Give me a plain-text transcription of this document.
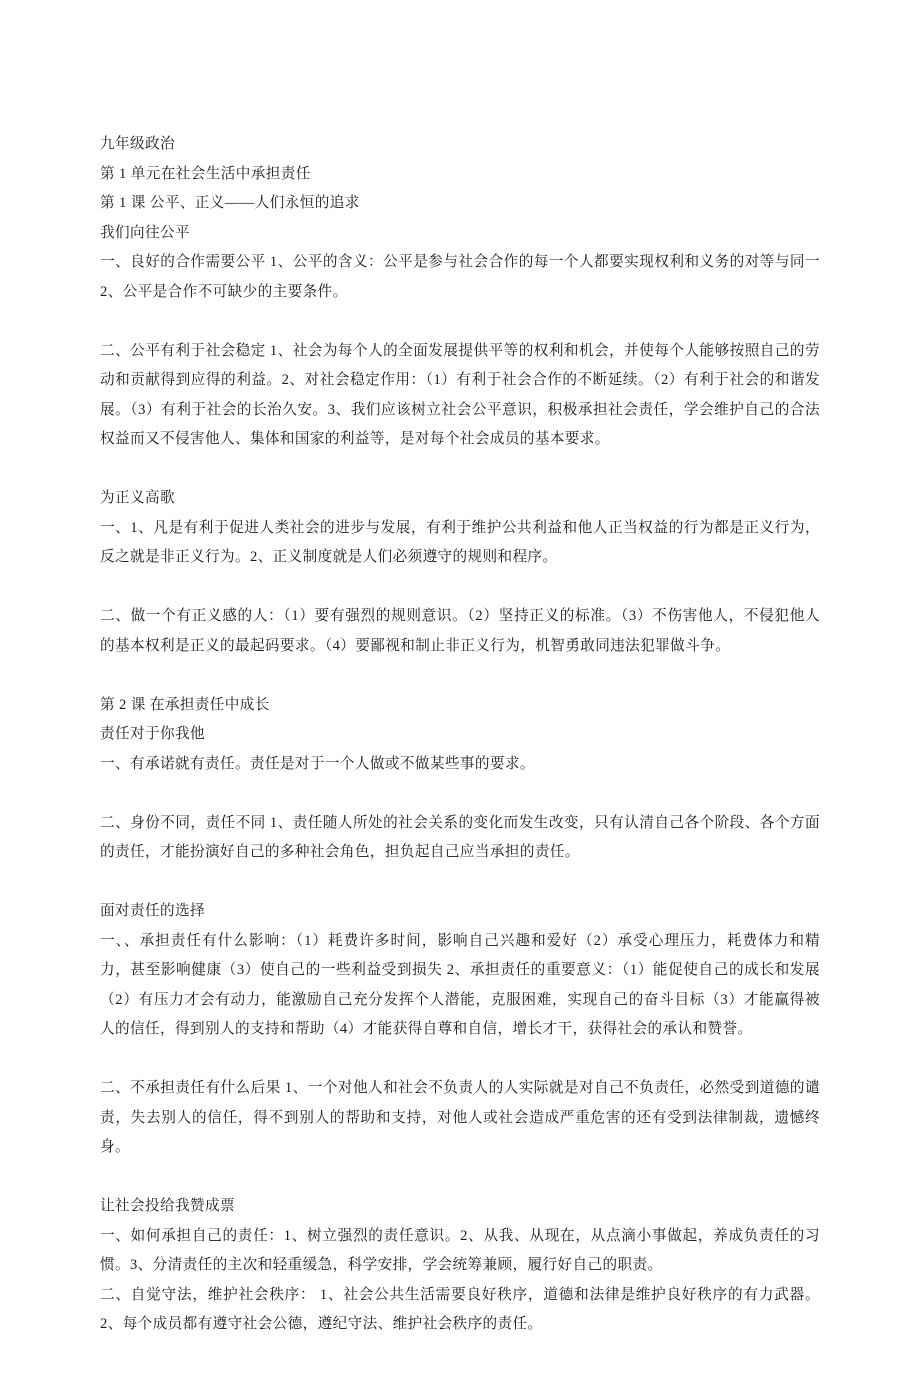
九年级政治
第 1 单元在社会生活中承担责任
第 1 课 公平、正义——人们永恒的追求
我们向往公平
一、良好的合作需要公平 1、公平的含义：公平是参与社会合作的每一个人都要实现权利和义务的对等与同一 2、公平是合作不可缺少的主要条件。
二、公平有利于社会稳定 1、社会为每个人的全面发展提供平等的权利和机会，并使每个人能够按照自己的劳动和贡献得到应得的利益。2、对社会稳定作用：（1）有利于社会合作的不断延续。（2）有利于社会的和谐发展。（3）有利于社会的长治久安。3、我们应该树立社会公平意识，积极承担社会责任，学会维护自己的合法权益而又不侵害他人、集体和国家的利益等，是对每个社会成员的基本要求。
为正义高歌
一、1、凡是有利于促进人类社会的进步与发展，有利于维护公共利益和他人正当权益的行为都是正义行为，反之就是非正义行为。2、正义制度就是人们必须遵守的规则和程序。
二、做一个有正义感的人：（1）要有强烈的规则意识。（2）坚持正义的标准。（3）不伤害他人，不侵犯他人的基本权利是正义的最起码要求。（4）要鄙视和制止非正义行为，机智勇敢同违法犯罪做斗争。
第 2 课 在承担责任中成长
责任对于你我他
一、有承诺就有责任。责任是对于一个人做或不做某些事的要求。
二、身份不同，责任不同 1、责任随人所处的社会关系的变化而发生改变，只有认清自己各个阶段、各个方面的责任，才能扮演好自己的多种社会角色，担负起自己应当承担的责任。
面对责任的选择
一、、承担责任有什么影响：（1）耗费许多时间，影响自己兴趣和爱好（2）承受心理压力，耗费体力和精力，甚至影响健康（3）使自己的一些利益受到损失 2、承担责任的重要意义：（1）能促使自己的成长和发展（2）有压力才会有动力，能激励自己充分发挥个人潜能，克服困难，实现自己的奋斗目标（3）才能赢得被人的信任，得到别人的支持和帮助（4）才能获得自尊和自信，增长才干，获得社会的承认和赞誉。
二、不承担责任有什么后果 1、一个对他人和社会不负责人的人实际就是对自己不负责任，必然受到道德的谴责，失去别人的信任，得不到别人的帮助和支持，对他人或社会造成严重危害的还有受到法律制裁，遗憾终身。
让社会投给我赞成票
一、如何承担自己的责任：1、树立强烈的责任意识。2、从我、从现在，从点滴小事做起，养成负责任的习惯。3、分清责任的主次和轻重缓急，科学安排，学会统筹兼顾，履行好自己的职责。
二、自觉守法，维护社会秩序： 1、社会公共生活需要良好秩序，道德和法律是维护良好秩序的有力武器。2、每个成员都有遵守社会公德，遵纪守法、维护社会秩序的责任。
